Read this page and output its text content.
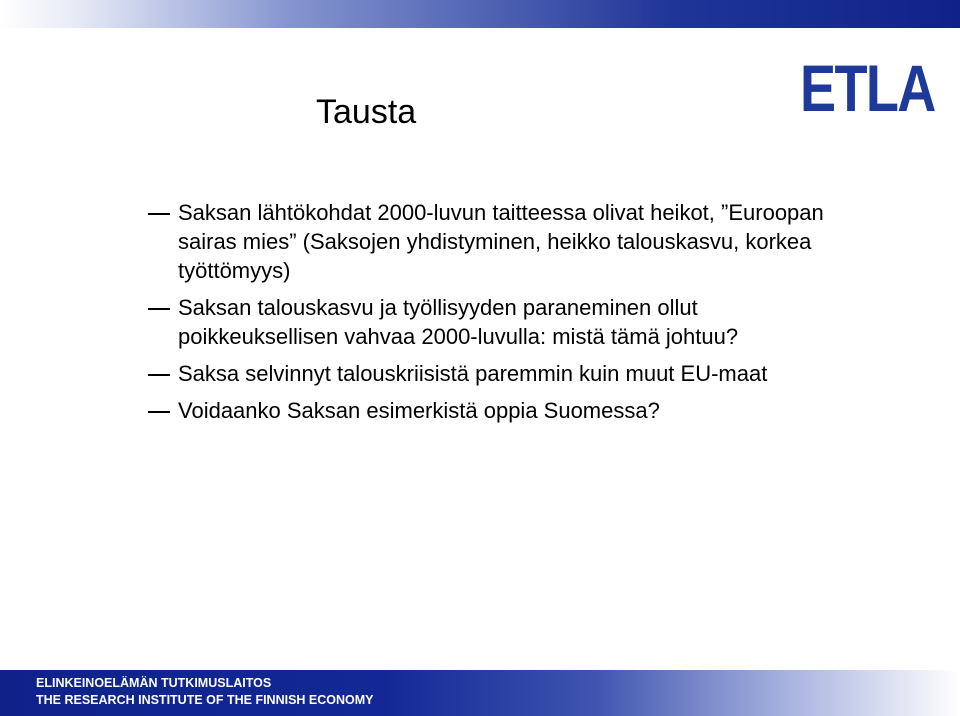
ETLA
Tausta
Saksan lähtökohdat 2000-luvun taitteessa olivat heikot, ”Euroopan sairas mies” (Saksojen yhdistyminen, heikko talouskasvu, korkea työttömyys)
Saksan talouskasvu ja työllisyyden paraneminen ollut poikkeuksellisen vahvaa 2000-luvulla: mistä tämä johtuu?
Saksa selvinnyt talouskriisistä paremmin kuin muut EU-maat
Voidaanko Saksan esimerkistä oppia Suomessa?
ELINKEINOELÄMÄN TUTKIMUSLAITOS
THE RESEARCH INSTITUTE OF THE FINNISH ECONOMY
